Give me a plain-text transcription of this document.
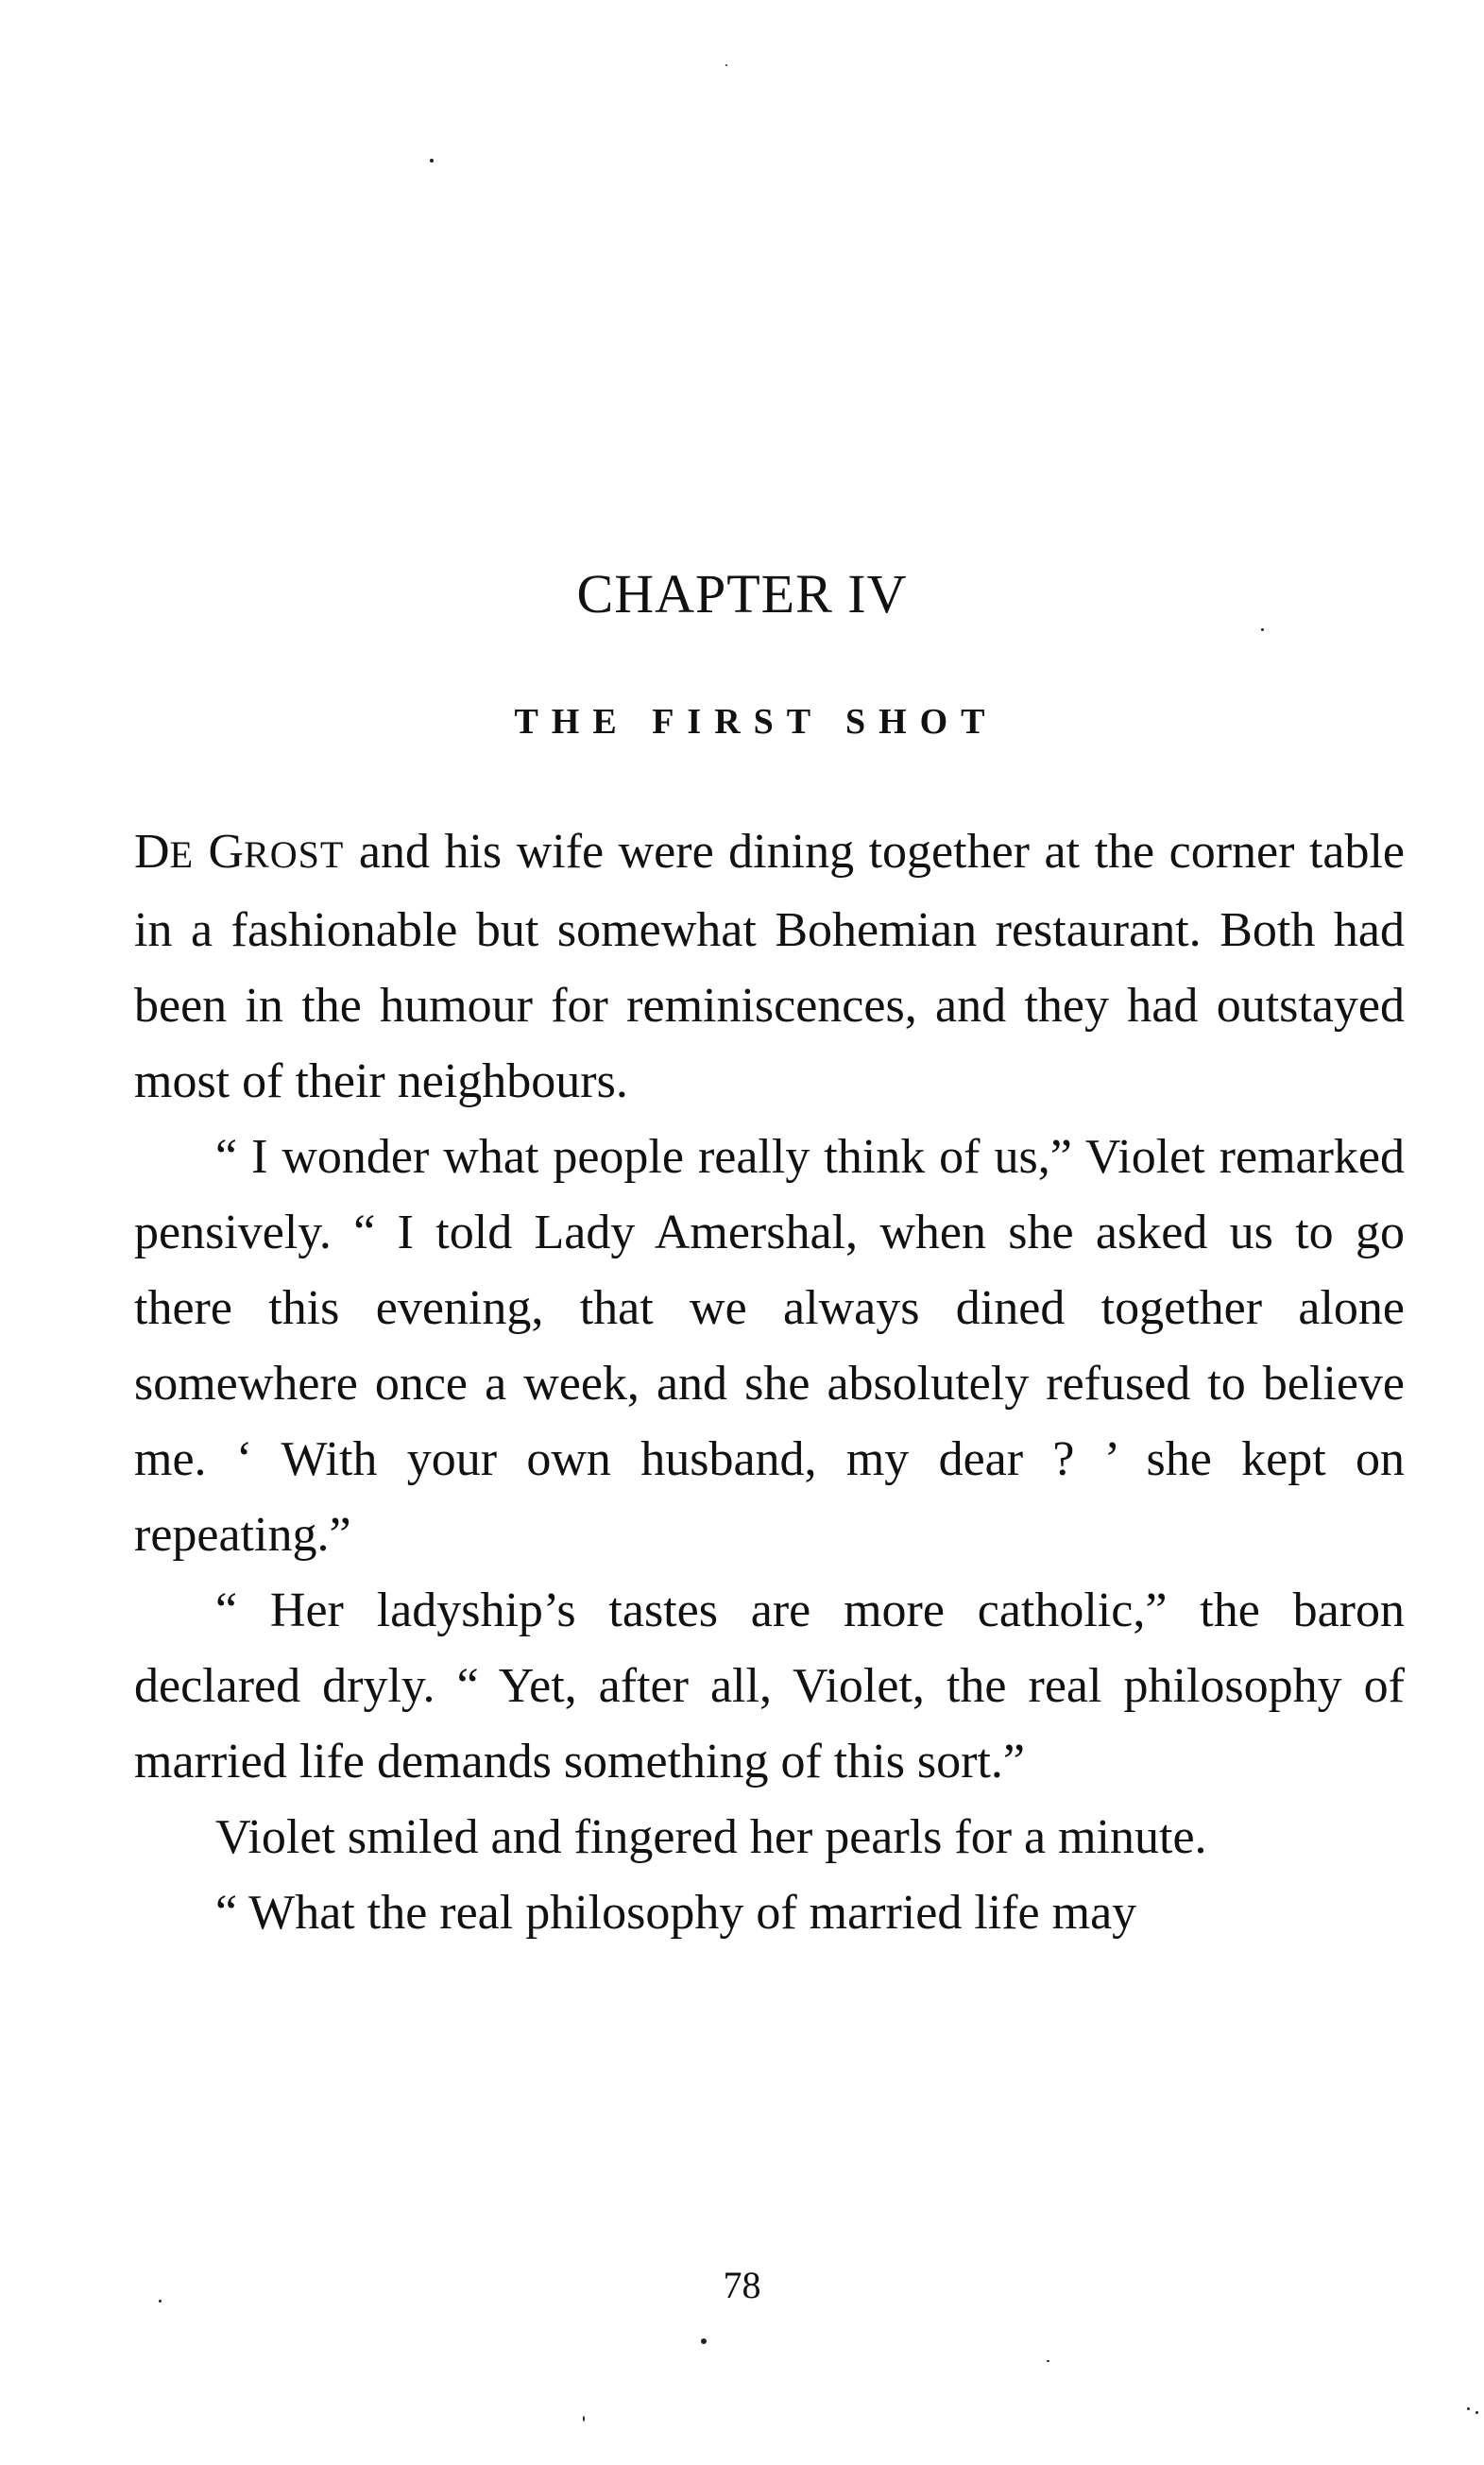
CHAPTER IV
THE FIRST SHOT

DE GROST and his wife were dining together at the corner table in a fashionable but somewhat Bohemian restaurant. Both had been in the humour for reminiscences, and they had outstayed most of their neighbours.

“ I wonder what people really think of us,” Violet remarked pensively. “ I told Lady Amershal, when she asked us to go there this evening, that we always dined together alone somewhere once a week, and she absolutely refused to believe me. ‘ With your own husband, my dear ? ’ she kept on repeating.”

“ Her ladyship’s tastes are more catholic,” the baron declared dryly. “ Yet, after all, Violet, the real philosophy of married life demands something of this sort.”

Violet smiled and fingered her pearls for a minute.

“ What the real philosophy of married life may

78
